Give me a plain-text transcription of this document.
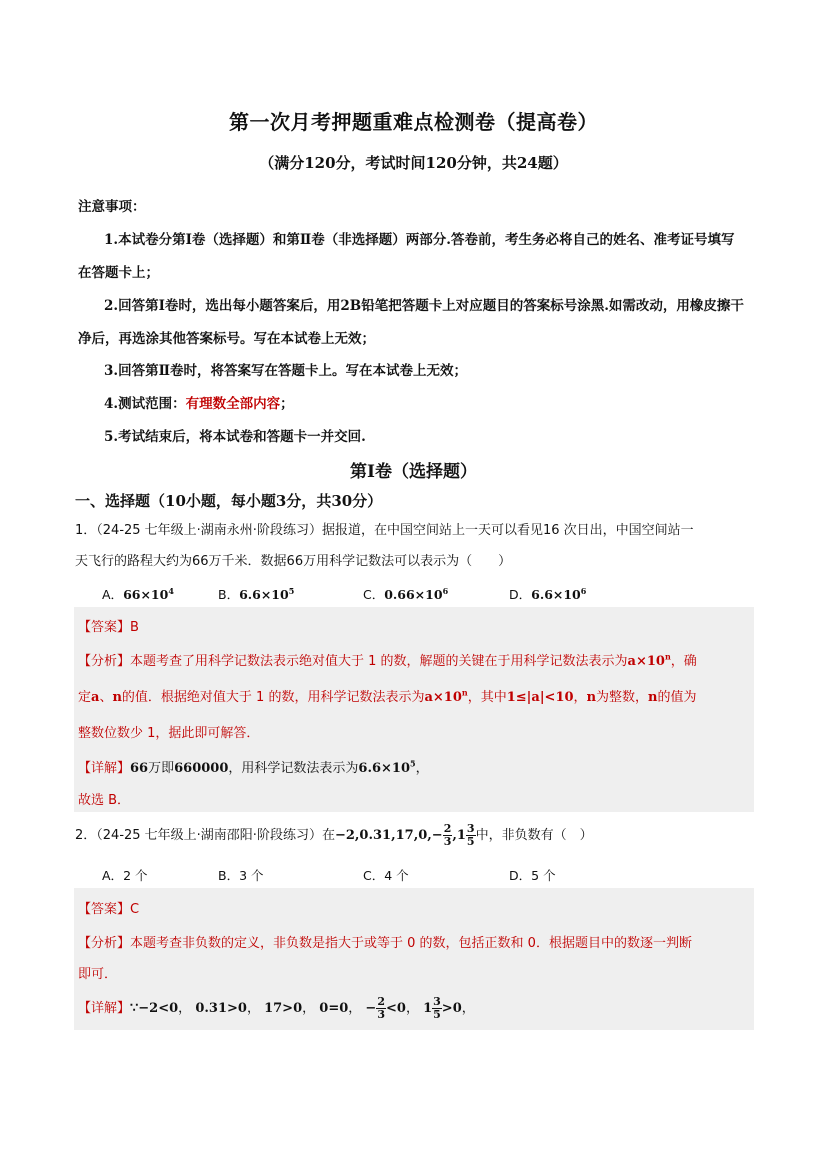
第一次月考押题重难点检测卷（提高卷）
（满分120分，考试时间120分钟，共24题）
注意事项：
1.本试卷分第Ⅰ卷（选择题）和第Ⅱ卷（非选择题）两部分.答卷前，考生务必将自己的姓名、准考证号填写
在答题卡上；
2.回答第Ⅰ卷时，选出每小题答案后，用2B铅笔把答题卡上对应题目的答案标号涂黑.如需改动，用橡皮擦干
净后，再选涂其他答案标号。写在本试卷上无效；
3.回答第Ⅱ卷时，将答案写在答题卡上。写在本试卷上无效；
4.测试范围：有理数全部内容；
5.考试结束后，将本试卷和答题卡一并交回.
第Ⅰ卷（选择题）
一、选择题（10小题，每小题3分，共30分）
1．（24-25 七年级上·湖南永州·阶段练习）据报道，在中国空间站上一天可以看见16 次日出，中国空间站一
天飞行的路程大约为66万千米．数据66万用科学记数法可以表示为（　　）
A．$66\times 10^4$	B．$6.6\times 10^5$	C．$0.66\times 10^6$	D．$6.6\times 10^6$
【答案】B
【分析】本题考查了用科学记数法表示绝对值大于 1 的数，解题的关键在于用科学记数法表示为$a\times 10^n$，确
定a、n的值．根据绝对值大于 1 的数，用科学记数法表示为$a\times 10^n$，其中1≤|a|<10，n为整数，n的值为
整数位数少 1，据此即可解答．
【详解】66万即660000，用科学记数法表示为$6.6\times 10^5$，
故选 B．
2．（24-25 七年级上·湖南邵阳·阶段练习）在$-2,0.31,17,0,- \frac{2}{3} ,1 \frac{3}{5}$ 中，非负数有（　）
A．2 个	B．3 个	C．4 个	D．5 个
【答案】C
【分析】本题考查非负数的定义，非负数是指大于或等于 0 的数，包括正数和 0．根据题目中的数逐一判断
即可．
【详解】∵−2<0， 0.31>0， 17>0， 0=0， − $\frac{2}{3} <0$， $1 \frac{3}{5} >0$，
